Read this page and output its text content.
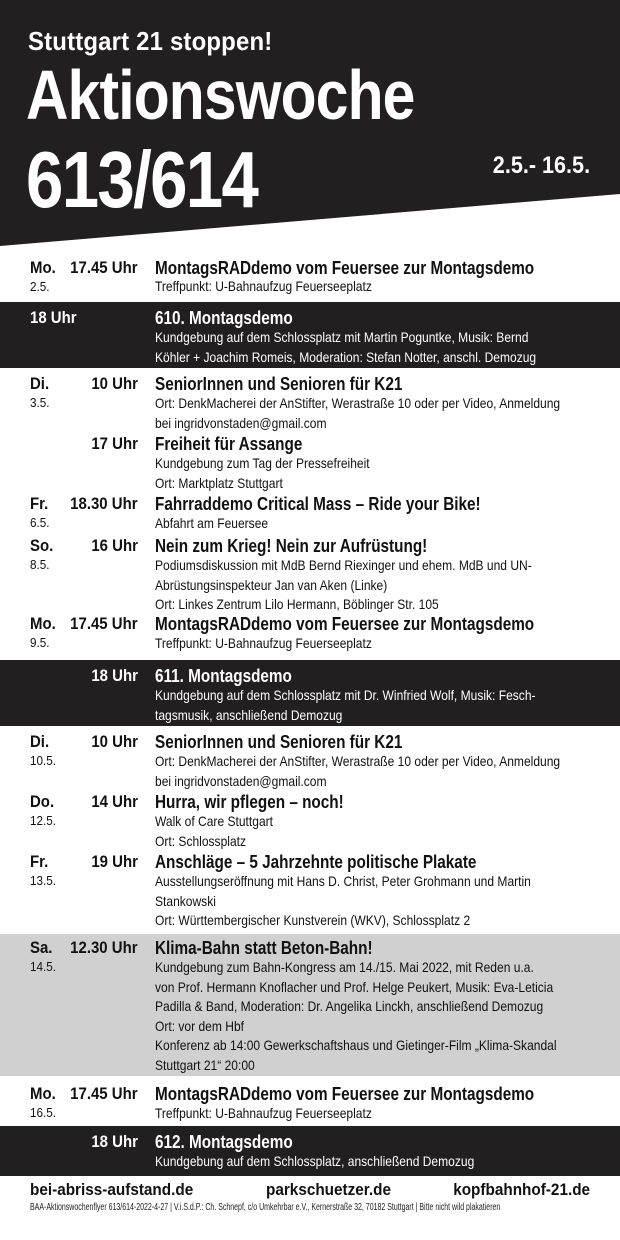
Stuttgart 21 stoppen!
Aktionswoche
613/614	2.5.- 16.5.
Mo. 17.45 Uhr
2.5.
MontagsRADdemo vom Feuersee zur Montagsdemo
Treffpunkt: U-Bahnaufzug Feuerseeplatz
18 Uhr	610. Montagsdemo
Kundgebung auf dem Schlossplatz mit Martin Poguntke, Musik: Bernd
Köhler + Joachim Romeis, Moderation: Stefan Notter, anschl. Demozug
Di. 10 Uhr
3.5.
SeniorInnen und Senioren für K21
Ort: DenkMacherei der AnStifter, Werastraße 10 oder per Video, Anmeldung
bei ingridvonstaden@gmail.com
17 Uhr Freiheit für Assange
Kundgebung zum Tag der Pressefreiheit
Ort: Marktplatz Stuttgart
Fr. 18.30 Uhr
6.5.
Fahrraddemo Critical Mass – Ride your Bike!
Abfahrt am Feuersee
So. 16 Uhr
8.5.
Nein zum Krieg! Nein zur Aufrüstung!
Podiumsdiskussion mit MdB Bernd Riexinger und ehem. MdB und UN-
Abrüstungsinspekteur Jan van Aken (Linke)
Ort: Linkes Zentrum Lilo Hermann, Böblinger Str. 105
Mo. 17.45 Uhr
9.5.
MontagsRADdemo vom Feuersee zur Montagsdemo
Treffpunkt: U-Bahnaufzug Feuerseeplatz
18 Uhr 611. Montagsdemo
Kundgebung auf dem Schlossplatz mit Dr. Winfried Wolf, Musik: Fesch-
tagsmusik, anschließend Demozug
Di. 10 Uhr
10.5.
SeniorInnen und Senioren für K21
Ort: DenkMacherei der AnStifter, Werastraße 10 oder per Video, Anmeldung
bei ingridvonstaden@gmail.com
Do. 14 Uhr
12.5.
Hurra, wir pflegen – noch!
Walk of Care Stuttgart
Ort: Schlossplatz
Fr.	19 Uhr
13.5.
Anschläge – 5 Jahrzehnte politische Plakate
Ausstellungseröffnung mit Hans D. Christ, Peter Grohmann und Martin
Stankowski
Ort: Württembergischer Kunstverein (WKV), Schlossplatz 2
Sa. 12.30 Uhr
14.5.
Klima-Bahn statt Beton-Bahn!
Kundgebung zum Bahn-Kongress am 14./15. Mai 2022, mit Reden u.a.
von Prof. Hermann Knoflacher und Prof. Helge Peukert, Musik: Eva-Leticia
Padilla & Band, Moderation: Dr. Angelika Linckh, anschließend Demozug
Ort: vor dem Hbf
Konferenz ab 14:00 Gewerkschaftshaus und Gietinger-Film „Klima-Skandal
Stuttgart 21“ 20:00
Mo. 17.45 Uhr
16.5.
MontagsRADdemo vom Feuersee zur Montagsdemo
Treffpunkt: U-Bahnaufzug Feuerseeplatz
18 Uhr 612. Montagsdemo
Kundgebung auf dem Schlossplatz, anschließend Demozug
bei-abriss-aufstand.de	parkschuetzer.de	kopfbahnhof-21.de
BAA-Aktionswochenflyer 613/614-2022-4-27 | V.i.S.d.P.: Ch. Schnepf, c/o Umkehrbar e.V., Kernerstraße 32, 70182 Stuttgart | Bitte nicht wild plakatieren
